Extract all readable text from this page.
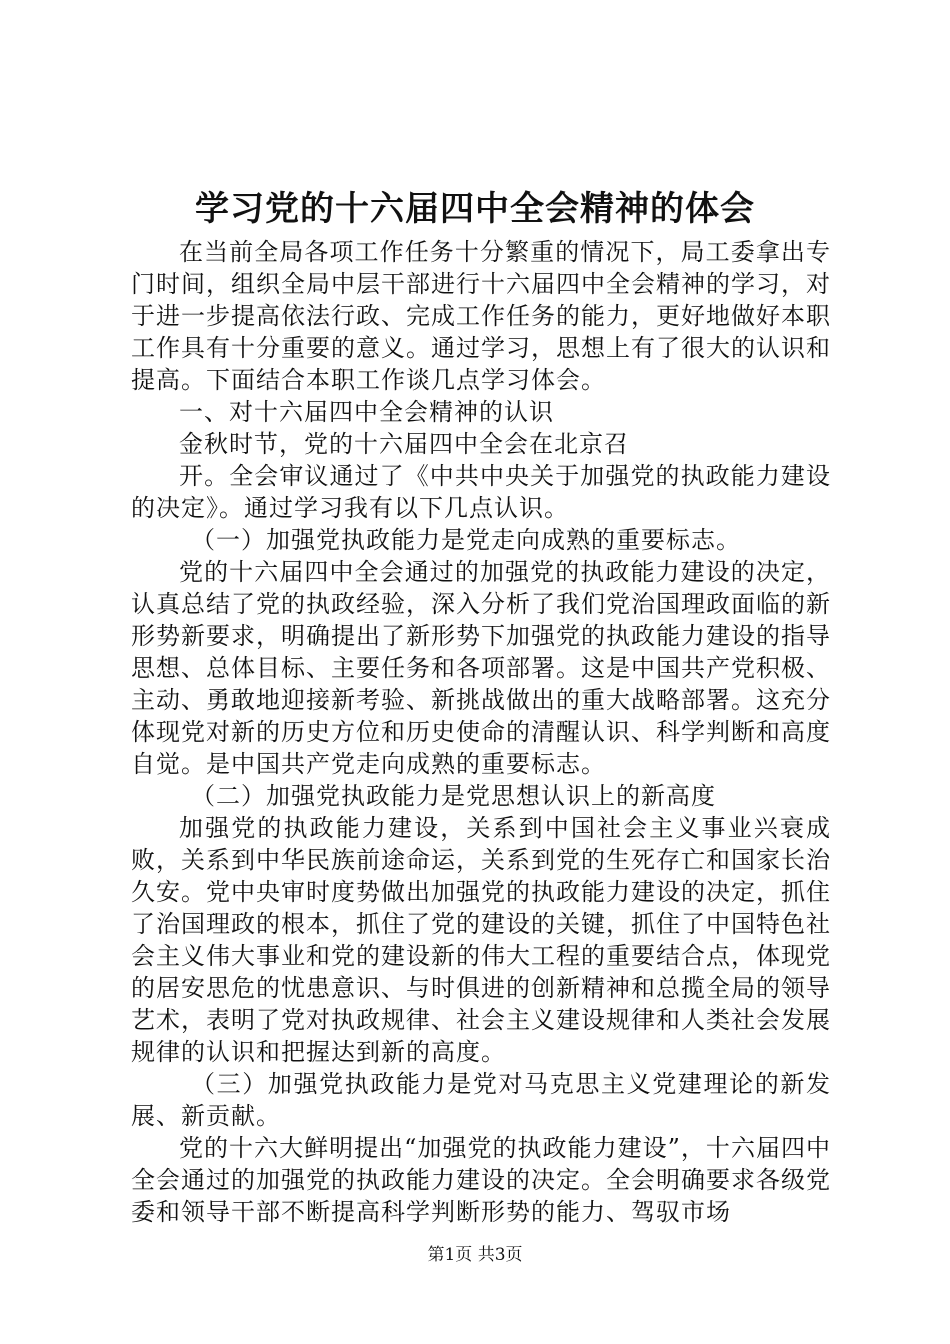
学习党的十六届四中全会精神的体会

在当前全局各项工作任务十分繁重的情况下，局工委拿出专门时间，组织全局中层干部进行十六届四中全会精神的学习，对于进一步提高依法行政、完成工作任务的能力，更好地做好本职工作具有十分重要的意义。通过学习，思想上有了很大的认识和提高。下面结合本职工作谈几点学习体会。

一、对十六届四中全会精神的认识

金秋时节，党的十六届四中全会在北京召

开。全会审议通过了《中共中央关于加强党的执政能力建设的决定》。通过学习我有以下几点认识。

（一）加强党执政能力是党走向成熟的重要标志。

党的十六届四中全会通过的加强党的执政能力建设的决定，认真总结了党的执政经验，深入分析了我们党治国理政面临的新形势新要求，明确提出了新形势下加强党的执政能力建设的指导思想、总体目标、主要任务和各项部署。这是中国共产党积极、主动、勇敢地迎接新考验、新挑战做出的重大战略部署。这充分体现党对新的历史方位和历史使命的清醒认识、科学判断和高度自觉。是中国共产党走向成熟的重要标志。

（二）加强党执政能力是党思想认识上的新高度

加强党的执政能力建设，关系到中国社会主义事业兴衰成败，关系到中华民族前途命运，关系到党的生死存亡和国家长治久安。党中央审时度势做出加强党的执政能力建设的决定，抓住了治国理政的根本，抓住了党的建设的关键，抓住了中国特色社会主义伟大事业和党的建设新的伟大工程的重要结合点，体现党的居安思危的忧患意识、与时俱进的创新精神和总揽全局的领导艺术，表明了党对执政规律、社会主义建设规律和人类社会发展规律的认识和把握达到新的高度。

（三）加强党执政能力是党对马克思主义党建理论的新发展、新贡献。

党的十六大鲜明提出“加强党的执政能力建设”，十六届四中全会通过的加强党的执政能力建设的决定。全会明确要求各级党委和领导干部不断提高科学判断形势的能力、驾驭市场

第1页 共3页
